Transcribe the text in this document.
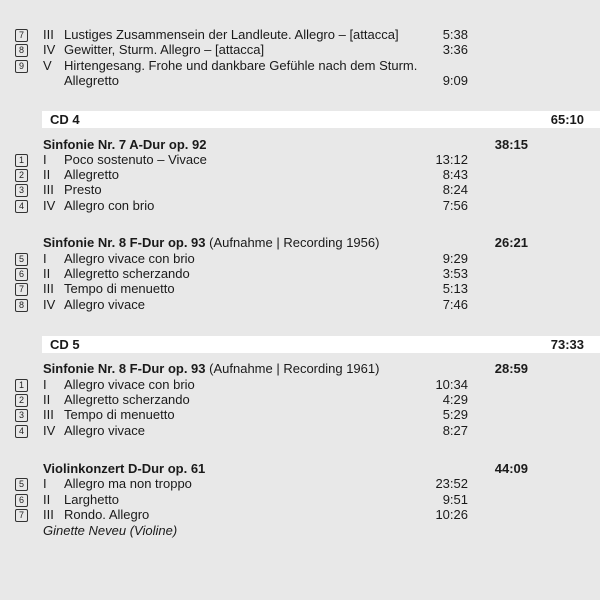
7	III Lustiges Zusammensein der Landleute. Allegro – [attacca]	5:38
8	IV Gewitter, Sturm. Allegro – [attacca]	3:36
9	V Hirtengesang. Frohe und dankbare Gefühle nach dem Sturm.
Allegretto	9:09
CD 4	65:10
Sinfonie Nr. 7 A-Dur op. 92	38:15
1	I Poco sostenuto – Vivace	13:12
2	II Allegretto	8:43
3	III Presto	8:24
4	IV Allegro con brio	7:56
Sinfonie Nr. 8 F-Dur op. 93 (Aufnahme | Recording 1956)	26:21
5	I Allegro vivace con brio	9:29
6	II Allegretto scherzando	3:53
7	III Tempo di menuetto	5:13
8	IV Allegro vivace	7:46
CD 5	73:33
Sinfonie Nr. 8 F-Dur op. 93 (Aufnahme | Recording 1961)	28:59
1	I Allegro vivace con brio	10:34
2	II Allegretto scherzando	4:29
3	III Tempo di menuetto	5:29
4	IV Allegro vivace	8:27
Violinkonzert D-Dur op. 61	44:09
5	I Allegro ma non troppo	23:52
6	II Larghetto	9:51
7	III Rondo. Allegro	10:26
Ginette Neveu (Violine)
